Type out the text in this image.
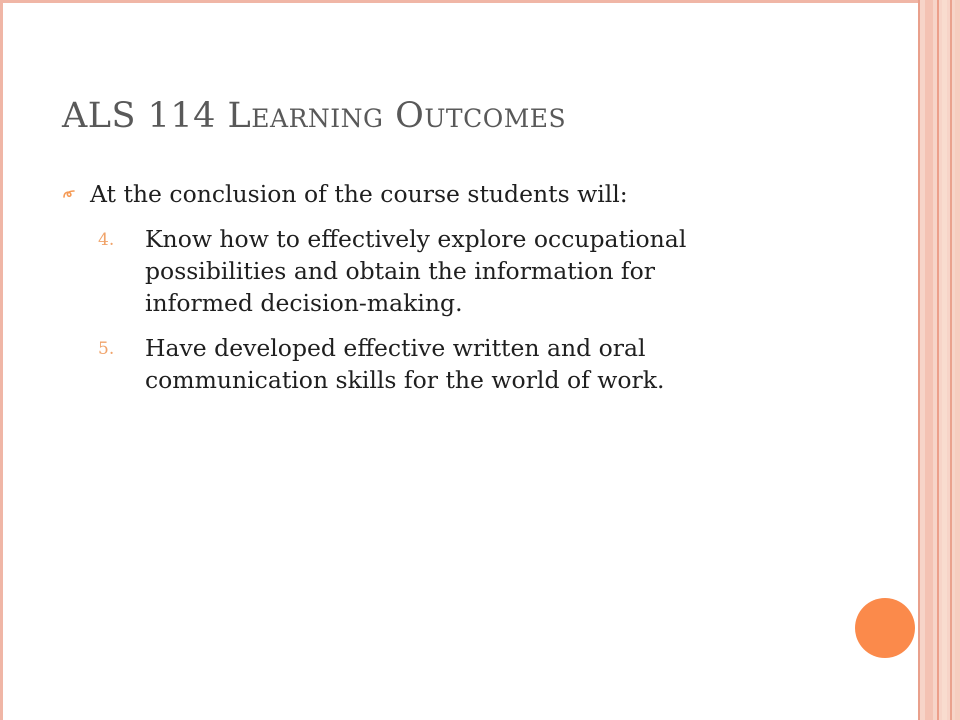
ALS 114 Learning Outcomes
At the conclusion of the course students will:
4. Know how to effectively explore occupational
possibilities and obtain the information for
informed decision-making.
5. Have developed effective written and oral
communication skills for the world of work.
